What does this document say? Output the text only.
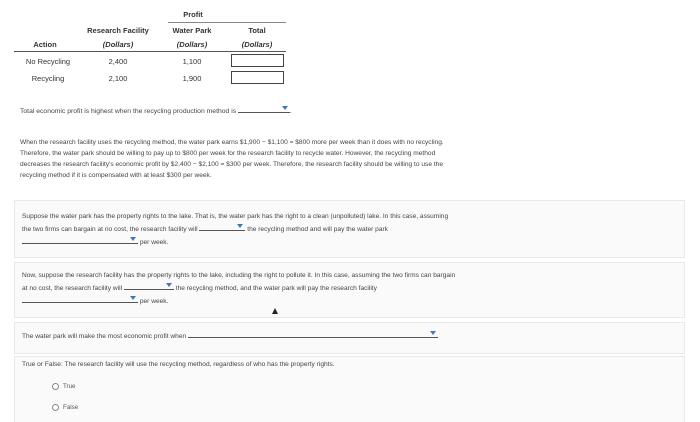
Profit
Research Facility	Water Park	Total
Action	(Dollars)	(Dollars)	(Dollars)
No Recycling	2,400	1,100
Recycling	2,100	1,900
Total economic profit is highest when the recycling production method is	.
When the research facility uses the recycling method, the water park earns $1,900 − $1,100 = $800 more per week than it does with no recycling.
Therefore, the water park should be willing to pay up to $800 per week for the research facility to recycle water. However, the recycling method
decreases the research facility's economic profit by $2,400 − $2,100 = $300 per week. Therefore, the research facility should be willing to use the
recycling method if it is compensated with at least $300 per week.
Suppose the water park has the property rights to the lake. That is, the water park has the right to a clean (unpolluted) lake. In this case, assuming
the two firms can bargain at no cost, the research facility will	the recycling method and will pay the water park
per week.
Now, suppose the research facility has the property rights to the lake, including the right to pollute it. In this case, assuming the two firms can bargain
at no cost, the research facility will	the recycling method, and the water park will pay the research facility
per week.
The water park will make the most economic profit when
True or False: The research facility will use the recycling method, regardless of who has the property rights.
True
False
